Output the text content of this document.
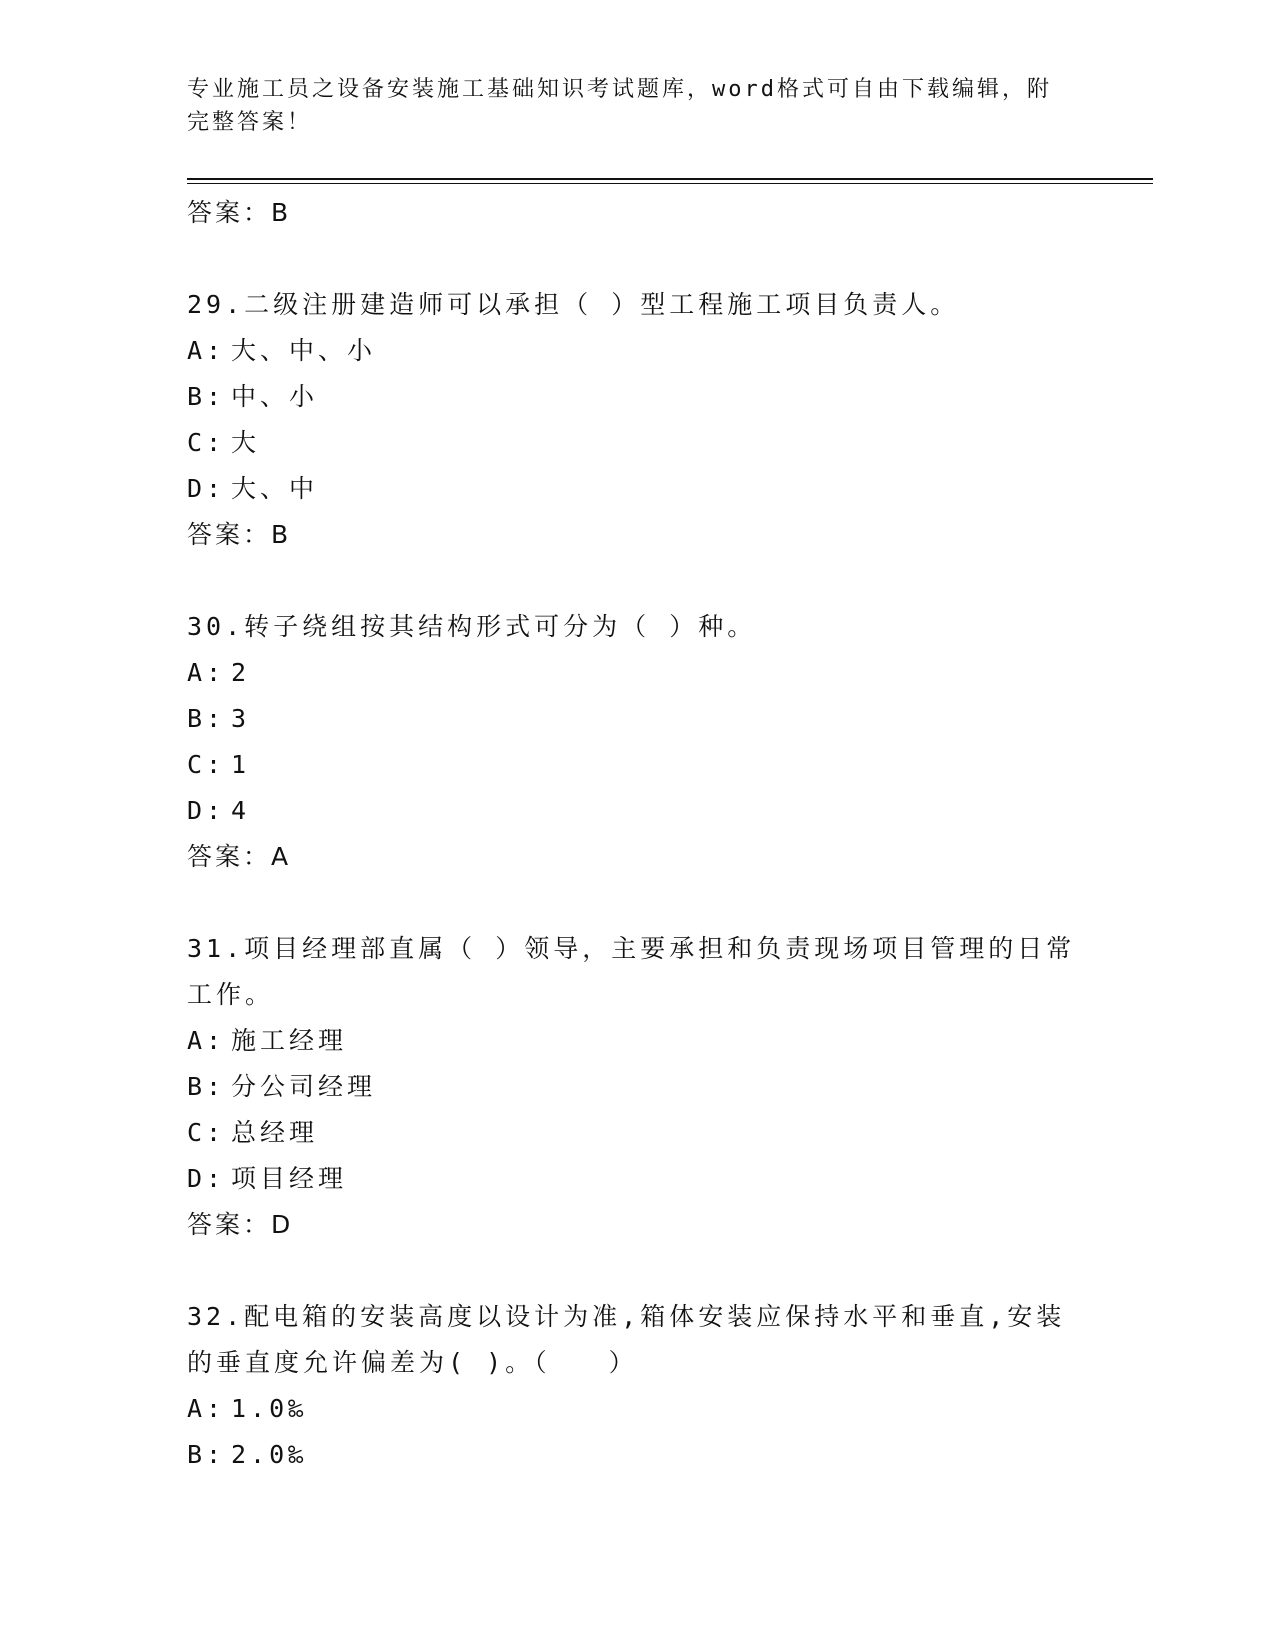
专业施工员之设备安装施工基础知识考试题库，word格式可自由下载编辑，附完整答案！
答案：B
29.二级注册建造师可以承担（ ）型工程施工项目负责人。
A: 大、中、小
B: 中、小
C: 大
D: 大、中
答案：B
30.转子绕组按其结构形式可分为（ ）种。
A: 2
B: 3
C: 1
D: 4
答案：A
31.项目经理部直属（ ）领导，主要承担和负责现场项目管理的日常工作。
A: 施工经理
B: 分公司经理
C: 总经理
D: 项目经理
答案：D
32.配电箱的安装高度以设计为准,箱体安装应保持水平和垂直,安装的垂直度允许偏差为( )。（　　）
A: 1.0‰
B: 2.0‰
